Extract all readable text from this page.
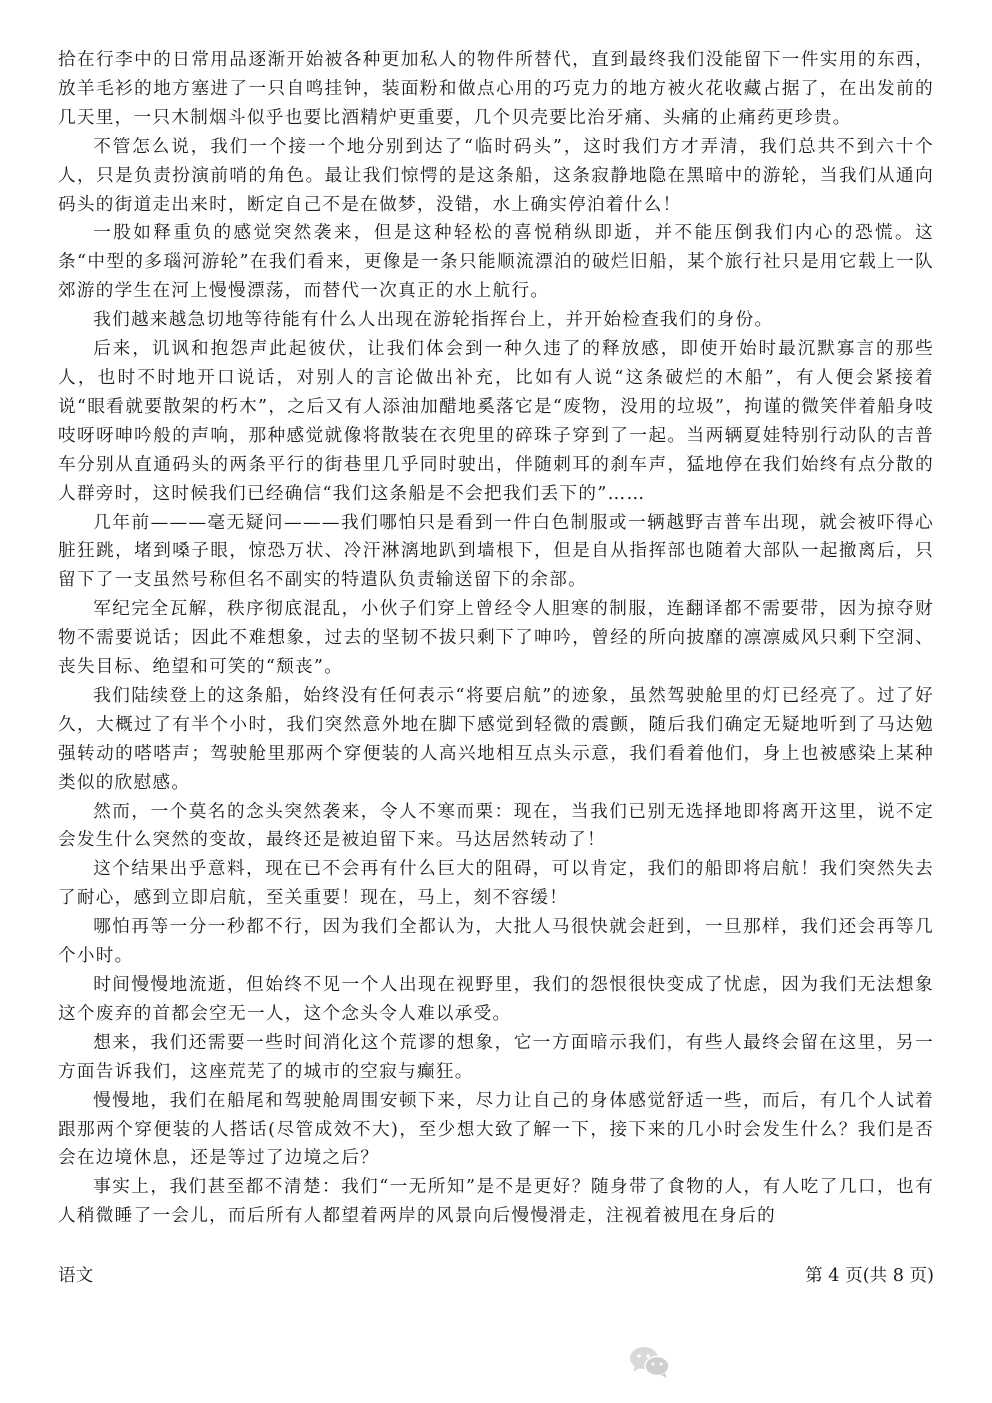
拾在行李中的日常用品逐渐开始被各种更加私人的物件所替代，直到最终我们没能留下一件实用的东西，放羊毛衫的地方塞进了一只自鸣挂钟，装面粉和做点心用的巧克力的地方被火花收藏占据了，在出发前的几天里，一只木制烟斗似乎也要比酒精炉更重要，几个贝壳要比治牙痛、头痛的止痛药更珍贵。

不管怎么说，我们一个接一个地分别到达了“临时码头”，这时我们方才弄清，我们总共不到六十个人，只是负责扮演前哨的角色。最让我们惊愕的是这条船，这条寂静地隐在黑暗中的游轮，当我们从通向码头的街道走出来时，断定自己不是在做梦，没错，水上确实停泊着什么！

一股如释重负的感觉突然袭来，但是这种轻松的喜悦稍纵即逝，并不能压倒我们内心的恐慌。这条“中型的多瑙河游轮”在我们看来，更像是一条只能顺流漂泊的破烂旧船，某个旅行社只是用它载上一队郊游的学生在河上慢慢漂荡，而替代一次真正的水上航行。

我们越来越急切地等待能有什么人出现在游轮指挥台上，并开始检查我们的身份。

后来，讥讽和抱怨声此起彼伏，让我们体会到一种久违了的释放感，即使开始时最沉默寡言的那些人，也时不时地开口说话，对别人的言论做出补充，比如有人说“这条破烂的木船”，有人便会紧接着说“眼看就要散架的朽木”，之后又有人添油加醋地奚落它是“废物，没用的垃圾”，拘谨的微笑伴着船身吱吱呀呀呻吟般的声响，那种感觉就像将散装在衣兜里的碎珠子穿到了一起。当两辆夏娃特别行动队的吉普车分别从直通码头的两条平行的街巷里几乎同时驶出，伴随刺耳的刹车声，猛地停在我们始终有点分散的人群旁时，这时候我们已经确信“我们这条船是不会把我们丢下的”……

几年前———毫无疑问———我们哪怕只是看到一件白色制服或一辆越野吉普车出现，就会被吓得心脏狂跳，堵到嗓子眼，惊恐万状、冷汗淋漓地趴到墙根下，但是自从指挥部也随着大部队一起撤离后，只留下了一支虽然号称但名不副实的特遣队负责输送留下的余部。

军纪完全瓦解，秩序彻底混乱，小伙子们穿上曾经令人胆寒的制服，连翻译都不需要带，因为掠夺财物不需要说话；因此不难想象，过去的坚韧不拔只剩下了呻吟，曾经的所向披靡的凛凛威风只剩下空洞、丧失目标、绝望和可笑的“颓丧”。

我们陆续登上的这条船，始终没有任何表示“将要启航”的迹象，虽然驾驶舱里的灯已经亮了。过了好久，大概过了有半个小时，我们突然意外地在脚下感觉到轻微的震颤，随后我们确定无疑地听到了马达勉强转动的嗒嗒声；驾驶舱里那两个穿便装的人高兴地相互点头示意，我们看着他们，身上也被感染上某种类似的欣慰感。

然而，一个莫名的念头突然袭来，令人不寒而栗：现在，当我们已别无选择地即将离开这里，说不定会发生什么突然的变故，最终还是被迫留下来。马达居然转动了！

这个结果出乎意料，现在已不会再有什么巨大的阻碍，可以肯定，我们的船即将启航！我们突然失去了耐心，感到立即启航，至关重要！现在，马上，刻不容缓！

哪怕再等一分一秒都不行，因为我们全都认为，大批人马很快就会赶到，一旦那样，我们还会再等几个小时。

时间慢慢地流逝，但始终不见一个人出现在视野里，我们的怨恨很快变成了忧虑，因为我们无法想象这个废弃的首都会空无一人，这个念头令人难以承受。

想来，我们还需要一些时间消化这个荒谬的想象，它一方面暗示我们，有些人最终会留在这里，另一方面告诉我们，这座荒芜了的城市的空寂与癫狂。

慢慢地，我们在船尾和驾驶舱周围安顿下来，尽力让自己的身体感觉舒适一些，而后，有几个人试着跟那两个穿便装的人搭话(尽管成效不大)，至少想大致了解一下，接下来的几小时会发生什么？我们是否会在边境休息，还是等过了边境之后？

事实上，我们甚至都不清楚：我们“一无所知”是不是更好？随身带了食物的人，有人吃了几口，也有人稍微睡了一会儿，而后所有人都望着两岸的风景向后慢慢滑走，注视着被甩在身后的

语文	第 4 页(共 8 页)
